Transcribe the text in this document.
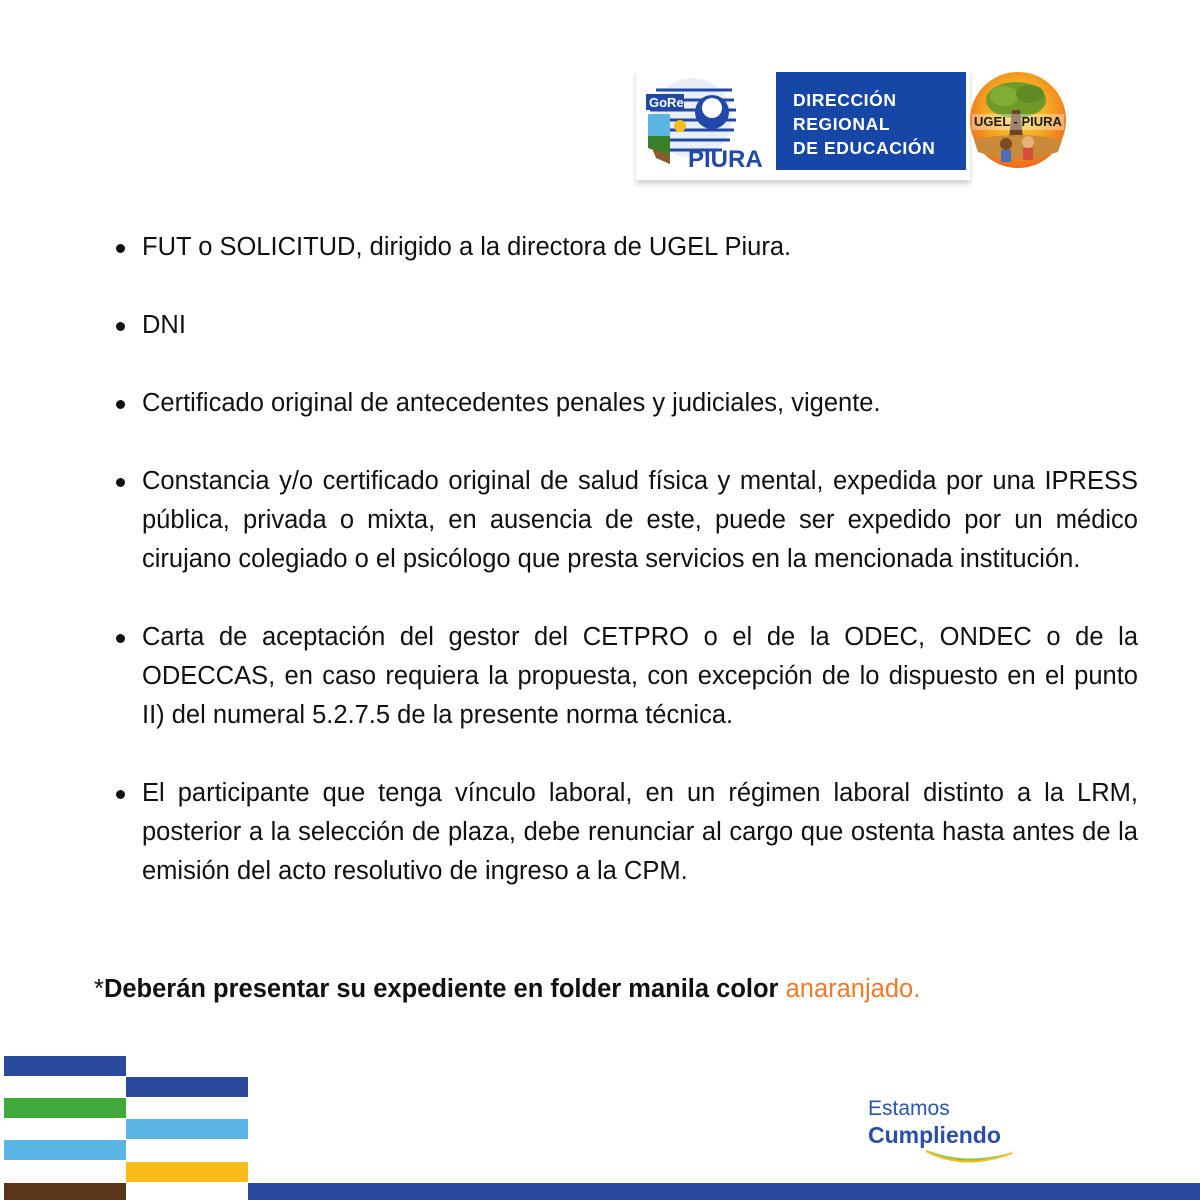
GoRe
PIURA
DIRECCIÓN
REGIONAL
DE EDUCACIÓN
UGEL - PIURA
FUT o SOLICITUD, dirigido a la directora de UGEL Piura.
DNI
Certificado original de antecedentes penales y judiciales, vigente.
Constancia y/o certificado original de salud física y mental, expedida por una IPRESS pública, privada o mixta, en ausencia de este, puede ser expedido por un médico cirujano colegiado o el psicólogo que presta servicios en la mencionada institución.
Carta de aceptación del gestor del CETPRO o el de la ODEC, ONDEC o de la ODECCAS, en caso requiera la propuesta, con excepción de lo dispuesto en el punto II) del numeral 5.2.7.5 de la presente norma técnica.
El participante que tenga vínculo laboral, en un régimen laboral distinto a la LRM, posterior a la selección de plaza, debe renunciar al cargo que ostenta hasta antes de la emisión del acto resolutivo de ingreso a la CPM.
*Deberán presentar su expediente en folder manila color anaranjado.
Estamos
Cumpliendo
